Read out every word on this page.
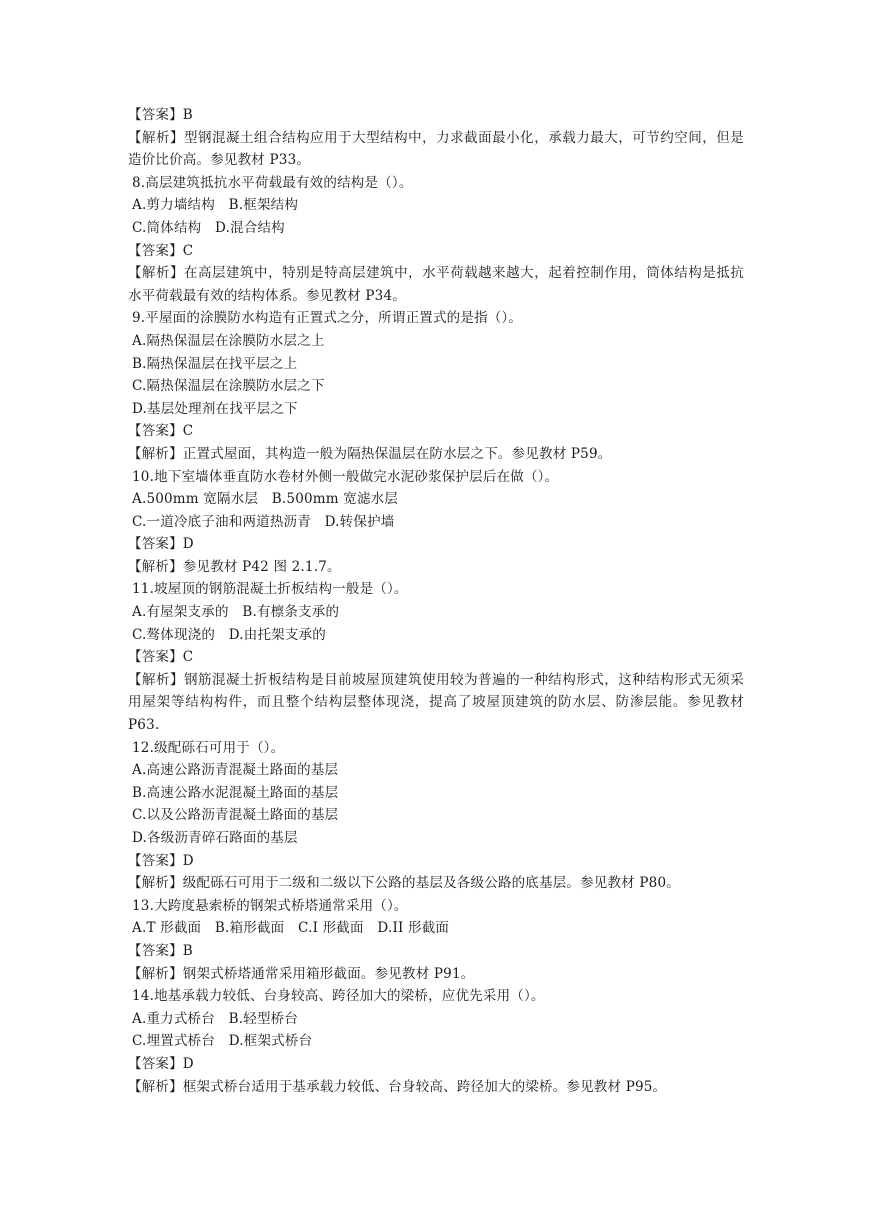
【答案】B
【解析】型钢混凝土组合结构应用于大型结构中，力求截面最小化，承载力最大，可节约空间，但是造价比价高。参见教材 P33。
8.高层建筑抵抗水平荷载最有效的结构是（）。
A.剪力墙结构　B.框架结构
C.筒体结构　D.混合结构
【答案】C
【解析】在高层建筑中，特别是特高层建筑中，水平荷载越来越大，起着控制作用，筒体结构是抵抗水平荷载最有效的结构体系。参见教材 P34。
9.平屋面的涂膜防水构造有正置式之分，所谓正置式的是指（）。
A.隔热保温层在涂膜防水层之上
B.隔热保温层在找平层之上
C.隔热保温层在涂膜防水层之下
D.基层处理剂在找平层之下
【答案】C
【解析】正置式屋面，其构造一般为隔热保温层在防水层之下。参见教材 P59。
10.地下室墙体垂直防水卷材外侧一般做完水泥砂浆保护层后在做（）。
A.500mm 宽隔水层　B.500mm 宽滤水层
C.一道冷底子油和两道热沥青　D.转保护墙
【答案】D
【解析】参见教材 P42 图 2.1.7。
11.坡屋顶的钢筋混凝土折板结构一般是（）。
A.有屋架支承的　B.有檩条支承的
C.骜体现浇的　D.由托架支承的
【答案】C
【解析】钢筋混凝土折板结构是目前坡屋顶建筑使用较为普遍的一种结构形式，这种结构形式无须采用屋架等结构构件，而且整个结构层整体现浇，提高了坡屋顶建筑的防水层、防渗层能。参见教材 P63.
12.级配砾石可用于（）。
A.高速公路沥青混凝土路面的基层
B.高速公路水泥混凝土路面的基层
C.以及公路沥青混凝土路面的基层
D.各级沥青碎石路面的基层
【答案】D
【解析】级配砾石可用于二级和二级以下公路的基层及各级公路的底基层。参见教材 P80。
13.大跨度悬索桥的钢架式桥塔通常采用（）。
A.T 形截面　B.箱形截面　C.I 形截面　D.II 形截面
【答案】B
【解析】钢架式桥塔通常采用箱形截面。参见教材 P91。
14.地基承载力较低、台身较高、跨径加大的梁桥，应优先采用（）。
A.重力式桥台　B.轻型桥台
C.埋置式桥台　D.框架式桥台
【答案】D
【解析】框架式桥台适用于基承载力较低、台身较高、跨径加大的梁桥。参见教材 P95。
